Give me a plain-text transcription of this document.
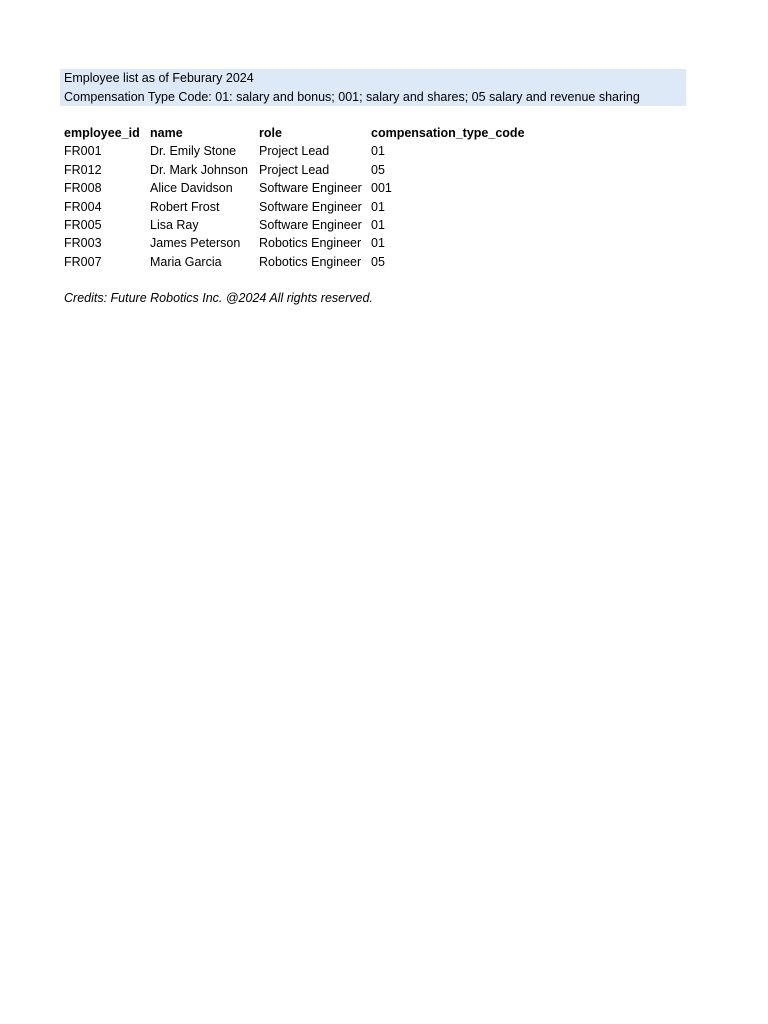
Employee list as of Feburary 2024
Compensation Type Code: 01: salary and bonus; 001; salary and shares; 05 salary and revenue sharing
employee_id	name	role	compensation_type_code
FR001	Dr. Emily Stone	Project Lead	01
FR012	Dr. Mark Johnson	Project Lead	05
FR008	Alice Davidson	Software Engineer	001
FR004	Robert Frost	Software Engineer	01
FR005	Lisa Ray	Software Engineer	01
FR003	James Peterson	Robotics Engineer	01
FR007	Maria Garcia	Robotics Engineer	05
Credits: Future Robotics Inc. @2024 All rights reserved.
